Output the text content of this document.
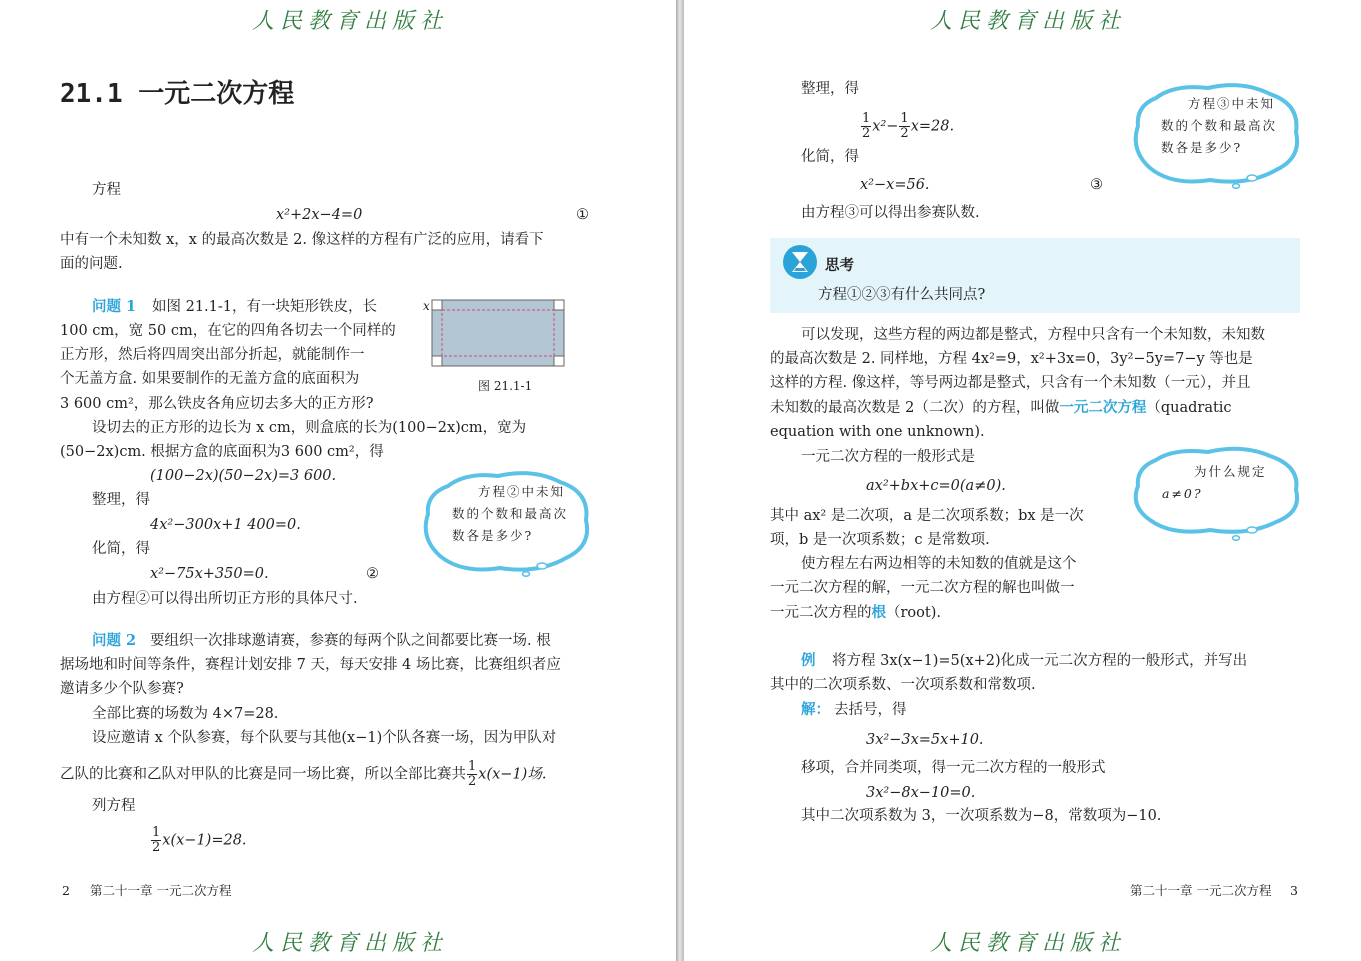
人民教育出版社
21.1 一元二次方程
方程
x²+2x−4=0	①
中有一个未知数 x，x 的最高次数是 2. 像这样的方程有广泛的应用，请看下
面的问题.
问题 1 如图 21.1-1，有一块矩形铁皮，长
100 cm，宽 50 cm，在它的四角各切去一个同样的
正方形，然后将四周突出部分折起，就能制作一
个无盖方盒. 如果要制作的无盖方盒的底面积为
3 600 cm²，那么铁皮各角应切去多大的正方形?
x
图 21.1-1
设切去的正方形的边长为 x cm，则盒底的长为(100−2x)cm，宽为
(50−2x)cm. 根据方盒的底面积为3 600 cm²，得
(100−2x)(50−2x)=3 600.
整理，得
4x²−300x+1 400=0.
化简，得
x²−75x+350=0.	②
由方程②可以得出所切正方形的具体尺寸.
方程②中未知
数的个数和最高次
数各是多少?
问题 2 要组织一次排球邀请赛，参赛的每两个队之间都要比赛一场. 根
据场地和时间等条件，赛程计划安排 7 天，每天安排 4 场比赛，比赛组织者应
邀请多少个队参赛?
全部比赛的场数为 4×7=28.
设应邀请 x 个队参赛，每个队要与其他(x−1)个队各赛一场，因为甲队对
乙队的比赛和乙队对甲队的比赛是同一场比赛，所以全部比赛共 $\frac{1}{2} x(x-1)$场.
列方程
$\frac{1}{2} x(x-1)=28$.
2 第二十一章 一元二次方程
人民教育出版社
人民教育出版社
整理，得
$\frac{1}{2} x^2- \frac{1}{2} x=28$.
化简，得
x²−x=56.	③
由方程③可以得出参赛队数.
方程③中未知
数的个数和最高次
数各是多少?
思考
方程①②③有什么共同点?
可以发现，这些方程的两边都是整式，方程中只含有一个未知数，未知数
的最高次数是 2. 同样地，方程 4x²=9，x²+3x=0，3y²−5y=7−y 等也是
这样的方程. 像这样，等号两边都是整式，只含有一个未知数（一元），并且
未知数的最高次数是 2（二次）的方程，叫做一元二次方程（quadratic
equation with one unknown).
一元二次方程的一般形式是
ax²+bx+c=0(a≠0).
其中 ax² 是二次项，a 是二次项系数；bx 是一次
项，b 是一次项系数；c 是常数项.
使方程左右两边相等的未知数的值就是这个
一元二次方程的解，一元二次方程的解也叫做一
一元二次方程的根（root).
为什么规定
a≠0?
例 将方程 3x(x−1)=5(x+2)化成一元二次方程的一般形式，并写出
其中的二次项系数、一次项系数和常数项.
解： 去括号，得
3x²−3x=5x+10.
移项，合并同类项，得一元二次方程的一般形式
3x²−8x−10=0.
其中二次项系数为 3，一次项系数为−8，常数项为−10.
第二十一章 一元二次方程 3
人民教育出版社
